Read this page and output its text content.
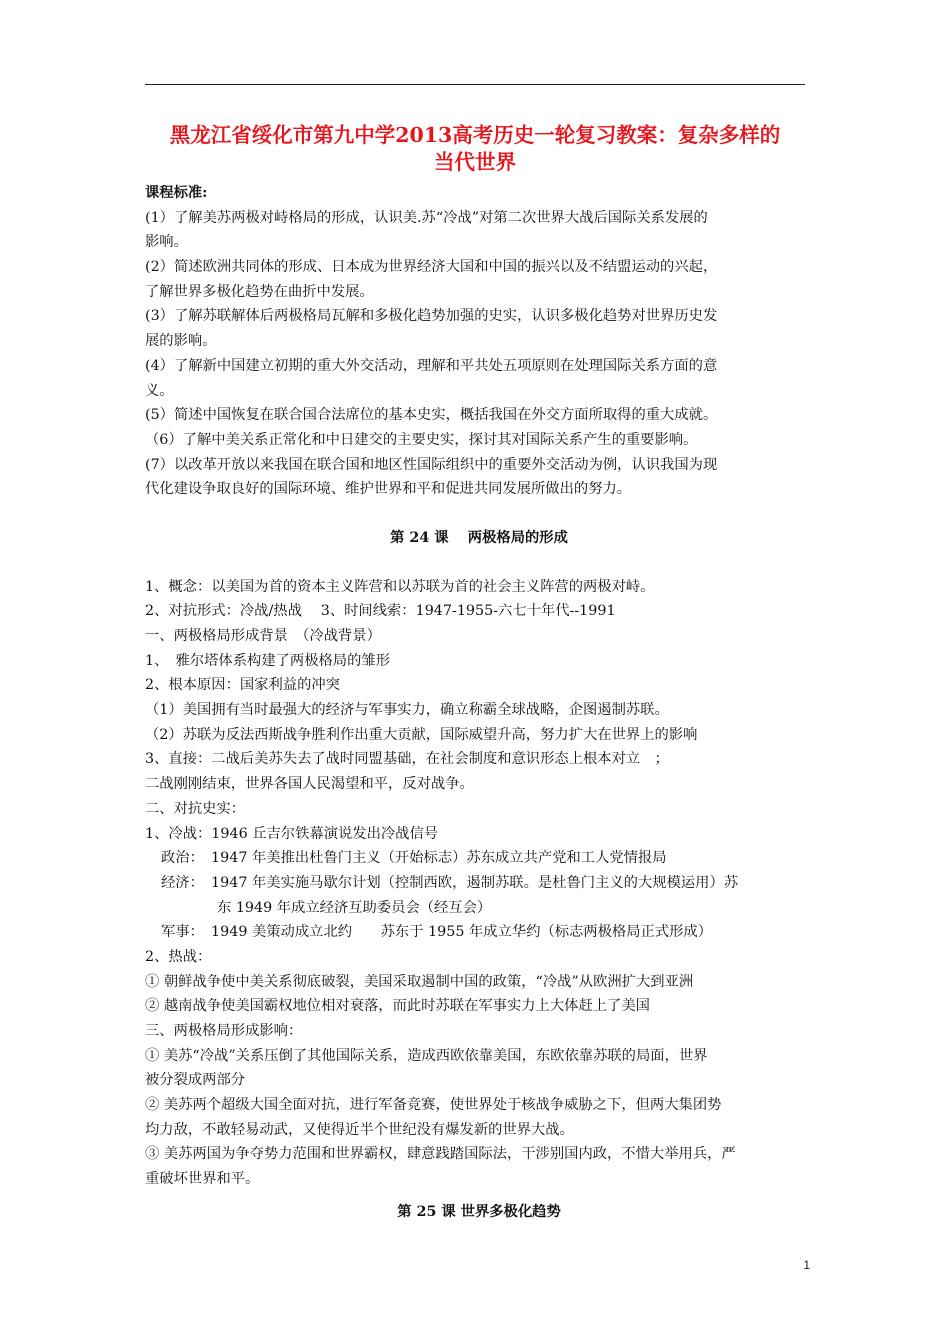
黑龙江省绥化市第九中学2013高考历史一轮复习教案：复杂多样的
当代世界
课程标准:
(1）了解美苏两极对峙格局的形成，认识美.苏“冷战”对第二次世界大战后国际关系发展的
影响。
(2）简述欧洲共同体的形成、日本成为世界经济大国和中国的振兴以及不结盟运动的兴起，
了解世界多极化趋势在曲折中发展。
(3）了解苏联解体后两极格局瓦解和多极化趋势加强的史实，认识多极化趋势对世界历史发
展的影响。
(4）了解新中国建立初期的重大外交活动，理解和平共处五项原则在处理国际关系方面的意
义。
(5）简述中国恢复在联合国合法席位的基本史实，概括我国在外交方面所取得的重大成就。
（6）了解中美关系正常化和中日建交的主要史实，探讨其对国际关系产生的重要影响。
(7）以改革开放以来我国在联合国和地区性国际组织中的重要外交活动为例，认识我国为现
代化建设争取良好的国际环境、维护世界和平和促进共同发展所做出的努力。
第 24 课　 两极格局的形成
1、概念：以美国为首的资本主义阵营和以苏联为首的社会主义阵营的两极对峙。
2、对抗形式：冷战/热战　 3、时间线索：1947-1955-六七十年代--1991
一、两极格局形成背景　（冷战背景）
1、　雅尔塔体系构建了两极格局的雏形
2、根本原因：国家利益的冲突
（1）美国拥有当时最强大的经济与军事实力，确立称霸全球战略，企图遏制苏联。
（2）苏联为反法西斯战争胜利作出重大贡献，国际威望升高，努力扩大在世界上的影响
3、直接：二战后美苏失去了战时同盟基础，在社会制度和意识形态上根本对立　；
二战刚刚结束，世界各国人民渴望和平，反对战争。
二、对抗史实：
1、冷战：1946 丘吉尔铁幕演说发出冷战信号
政治：　1947 年美推出杜鲁门主义（开始标志）苏东成立共产党和工人党情报局
经济：　1947 年美实施马歇尔计划（控制西欧，遏制苏联。是杜鲁门主义的大规模运用）苏
东 1949 年成立经济互助委员会（经互会）
军事：　1949 美策动成立北约　　苏东于 1955 年成立华约（标志两极格局正式形成）
2、热战：
① 朝鲜战争使中美关系彻底破裂，美国采取遏制中国的政策，“冷战”从欧洲扩大到亚洲
② 越南战争使美国霸权地位相对衰落，而此时苏联在军事实力上大体赶上了美国
三、两极格局形成影响：
① 美苏“冷战”关系压倒了其他国际关系，造成西欧依靠美国，东欧依靠苏联的局面，世界
被分裂成两部分
② 美苏两个超级大国全面对抗，进行军备竞赛，使世界处于核战争威胁之下，但两大集团势
均力敌，不敢轻易动武，又使得近半个世纪没有爆发新的世界大战。
③ 美苏两国为争夺势力范围和世界霸权，肆意践踏国际法，干涉别国内政，不惜大举用兵，严
重破坏世界和平。
第 25 课 世界多极化趋势
1
